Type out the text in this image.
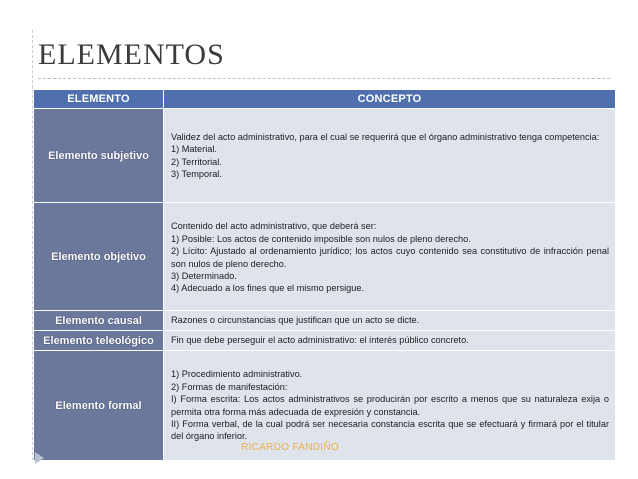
ELEMENTOS
ELEMENTO	CONCEPTO
Elemento subjetivo	Validez del acto administrativo, para el cual se requerirá que el órgano administrativo tenga competencia:
1) Material.
2) Territorial.
3) Temporal.

Elemento objetivo	Contenido del acto administrativo, que deberá ser:
1) Posible: Los actos de contenido imposible son nulos de pleno derecho.
2) Lícito: Ajustado al ordenamiento jurídico; los actos cuyo contenido sea constitutivo de infracción penal son nulos de pleno derecho.
3) Determinado.
4) Adecuado a los fines que el mismo persigue.

Elemento causal	Razones o circunstancias que justifican que un acto se dicte.

Elemento teleológico	Fin que debe perseguir el acto administrativo: el interés público concreto.

Elemento formal	1) Procedimiento administrativo.
2) Formas de manifestación:
I) Forma escrita: Los actos administrativos se producirán por escrito a menos que su naturaleza exija o permita otra forma más adecuada de expresión y constancia.
II) Forma verbal, de la cual podrá ser necesaria constancia escrita que se efectuará y firmará por el titular del órgano inferior.
RICARDO FANDIÑO
